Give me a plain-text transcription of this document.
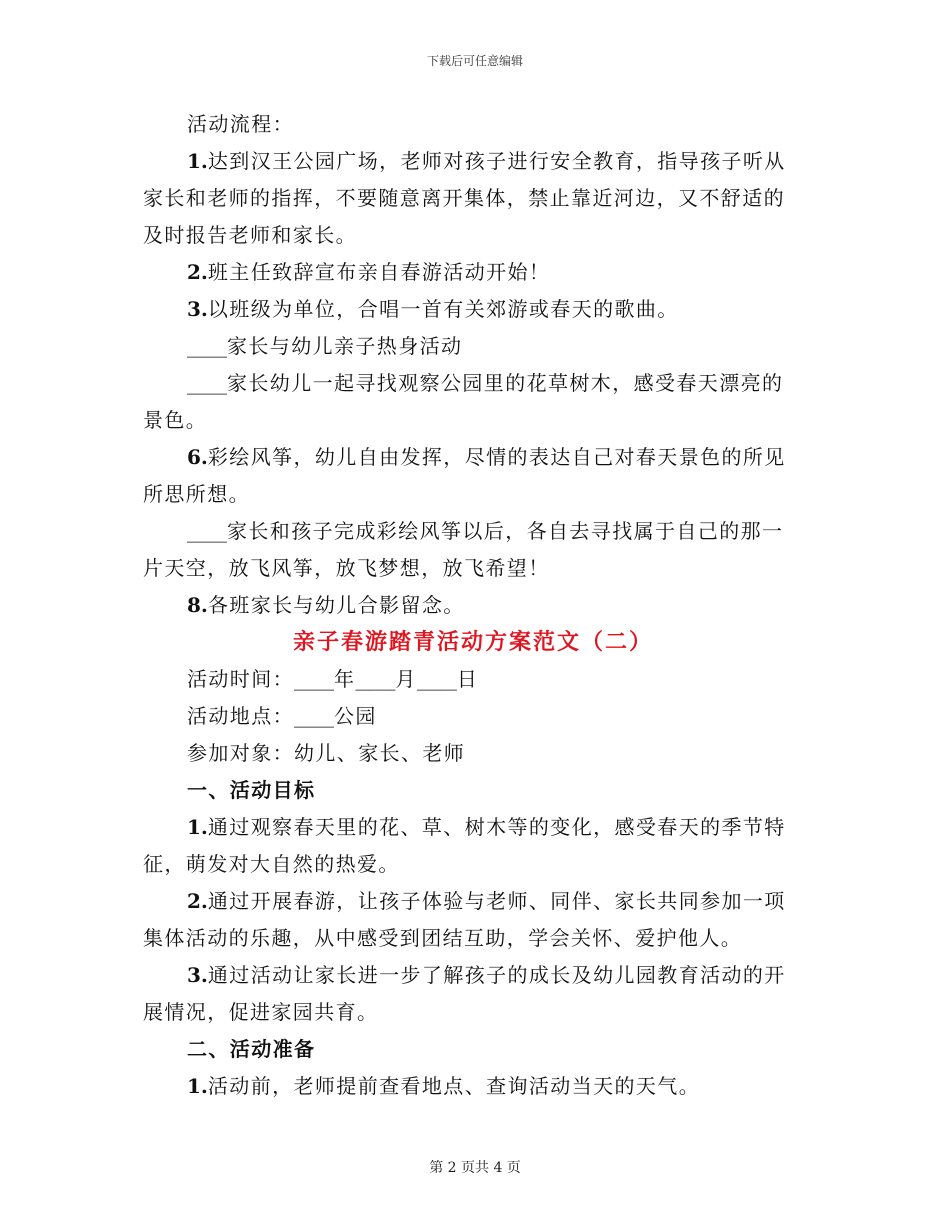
下载后可任意编辑

活动流程：

1.达到汉王公园广场，老师对孩子进行安全教育，指导孩子听从

家长和老师的指挥，不要随意离开集体，禁止靠近河边，又不舒适的

及时报告老师和家长。

2.班主任致辞宣布亲自春游活动开始！

3.以班级为单位，合唱一首有关郊游或春天的歌曲。

____家长与幼儿亲子热身活动

____家长幼儿一起寻找观察公园里的花草树木，感受春天漂亮的

景色。

6.彩绘风筝，幼儿自由发挥，尽情的表达自己对春天景色的所见

所思所想。

____家长和孩子完成彩绘风筝以后，各自去寻找属于自己的那一

片天空，放飞风筝，放飞梦想，放飞希望！

8.各班家长与幼儿合影留念。

亲子春游踏青活动方案范文（二）

活动时间：____年____月____日

活动地点：____公园

参加对象：幼儿、家长、老师

一、活动目标

1.通过观察春天里的花、草、树木等的变化，感受春天的季节特

征，萌发对大自然的热爱。

2.通过开展春游，让孩子体验与老师、同伴、家长共同参加一项

集体活动的乐趣，从中感受到团结互助，学会关怀、爱护他人。

3.通过活动让家长进一步了解孩子的成长及幼儿园教育活动的开

展情况，促进家园共育。

二、活动准备

1.活动前，老师提前查看地点、查询活动当天的天气。

第 2 页共 4 页
